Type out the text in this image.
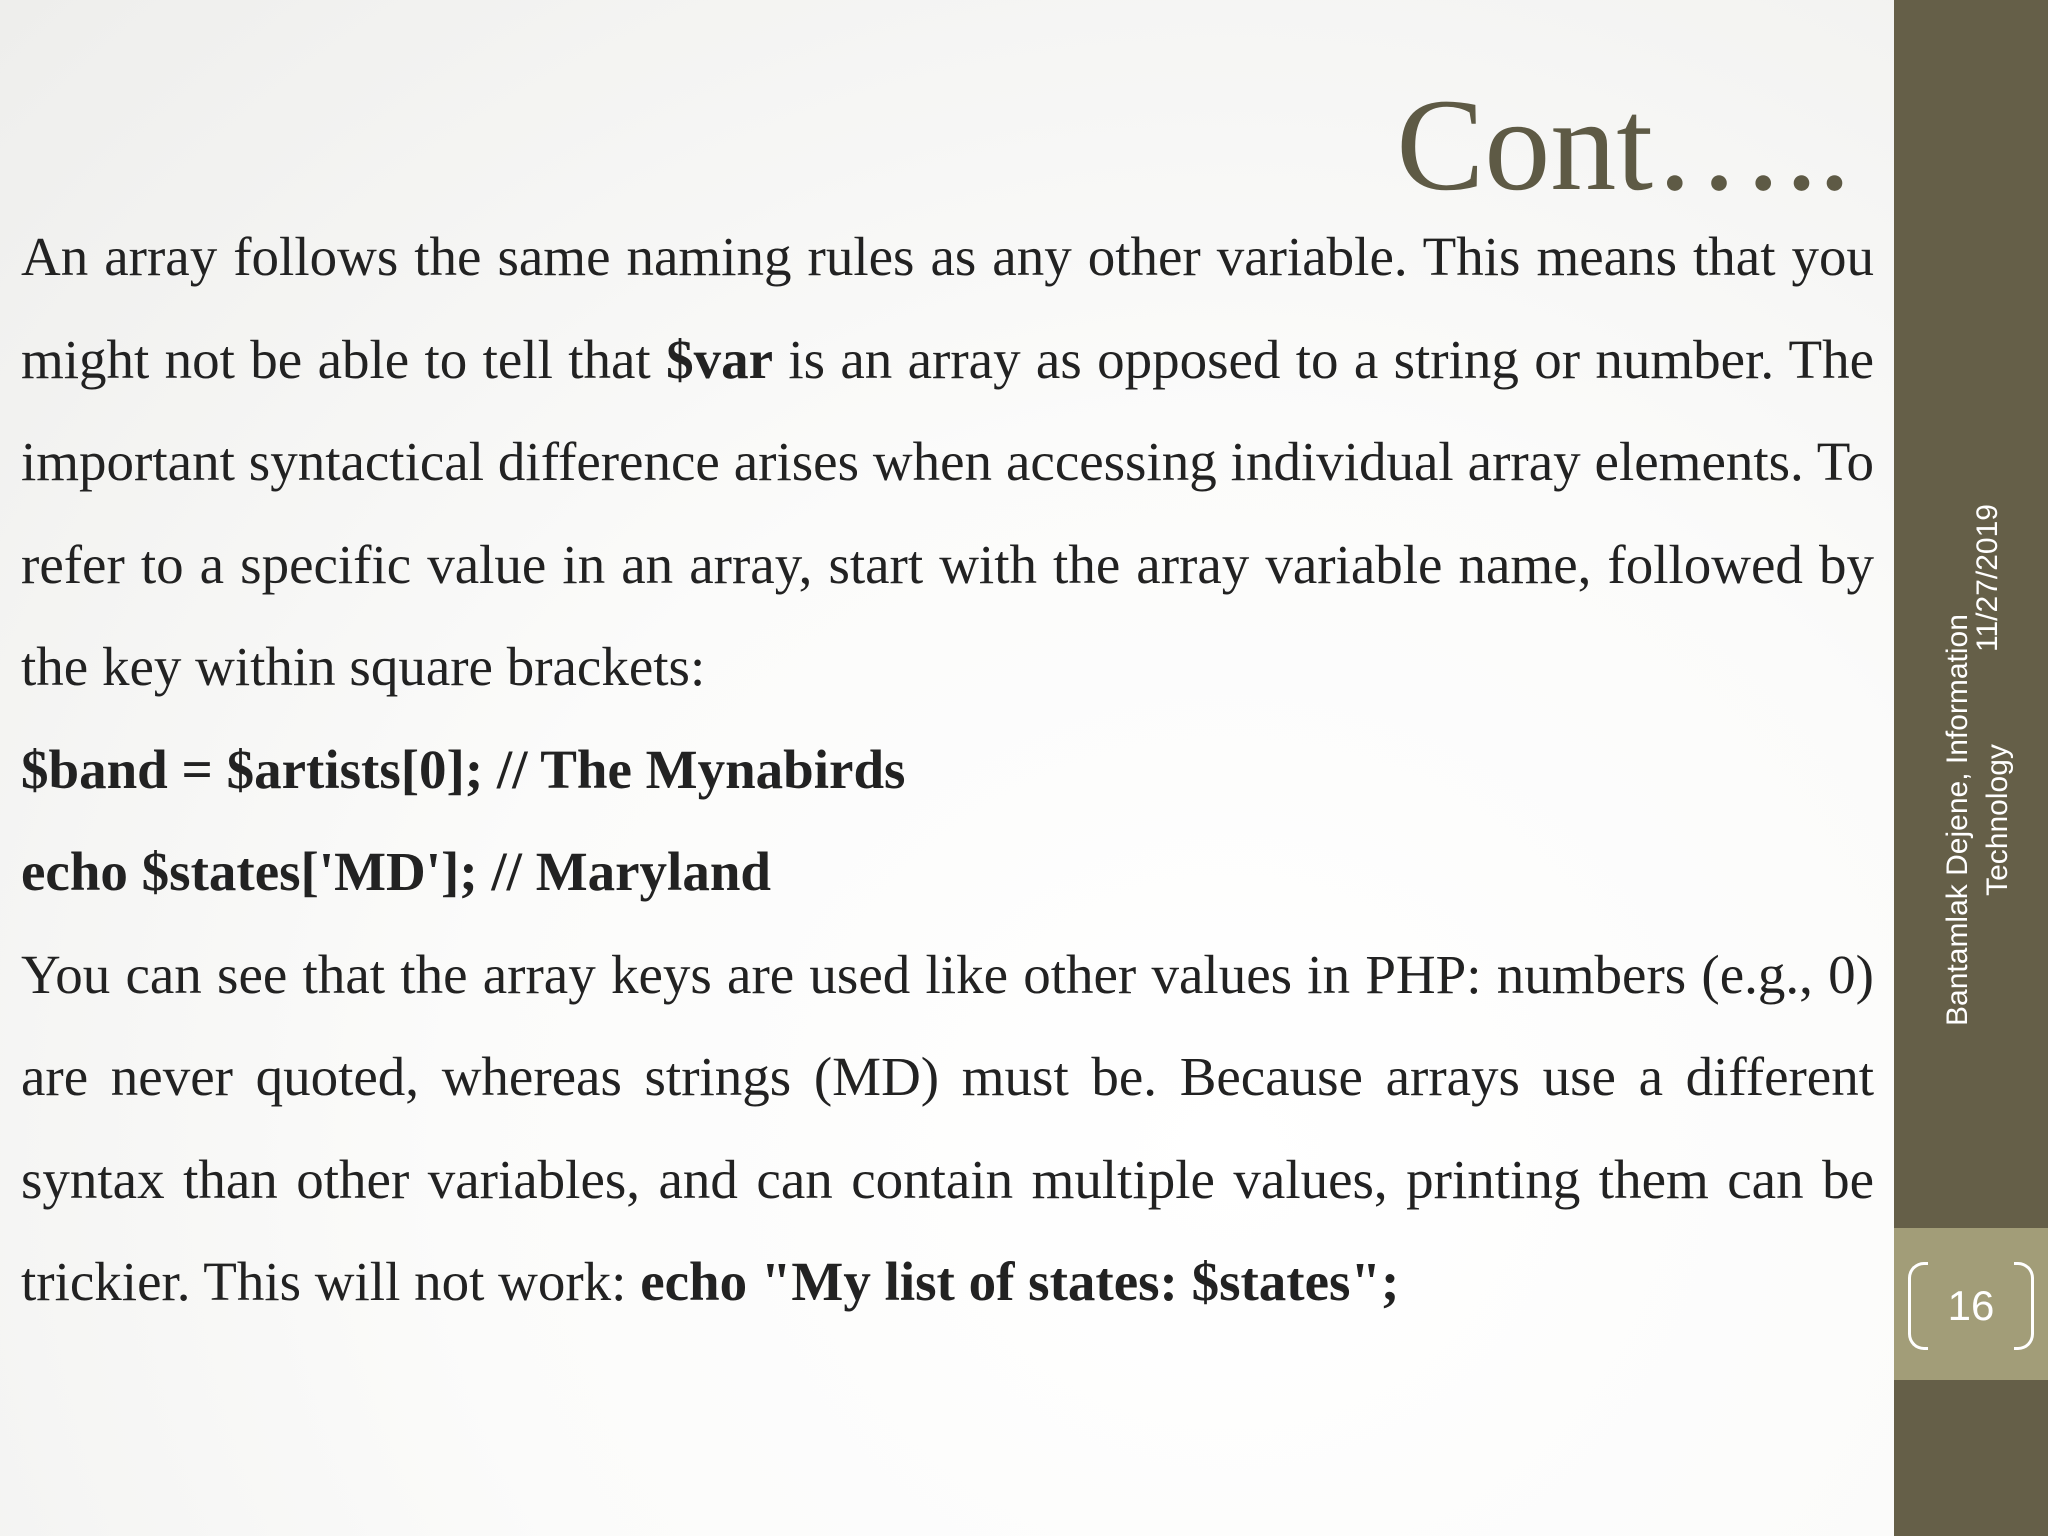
Cont…..

An array follows the same naming rules as any other variable. This means that you might not be able to tell that $var is an array as opposed to a string or number. The important syntactical difference arises when accessing individual array elements. To refer to a specific value in an array, start with the array variable name, followed by the key within square brackets:

$band = $artists[0]; // The Mynabirds

echo $states['MD']; // Maryland

You can see that the array keys are used like other values in PHP: numbers (e.g., 0) are never quoted, whereas strings (MD) must be. Because arrays use a different syntax than other variables, and can contain multiple values, printing them can be trickier. This will not work: echo "My list of states: $states";	16
11/27/2019
Bantamlak Dejene, Information Technology
